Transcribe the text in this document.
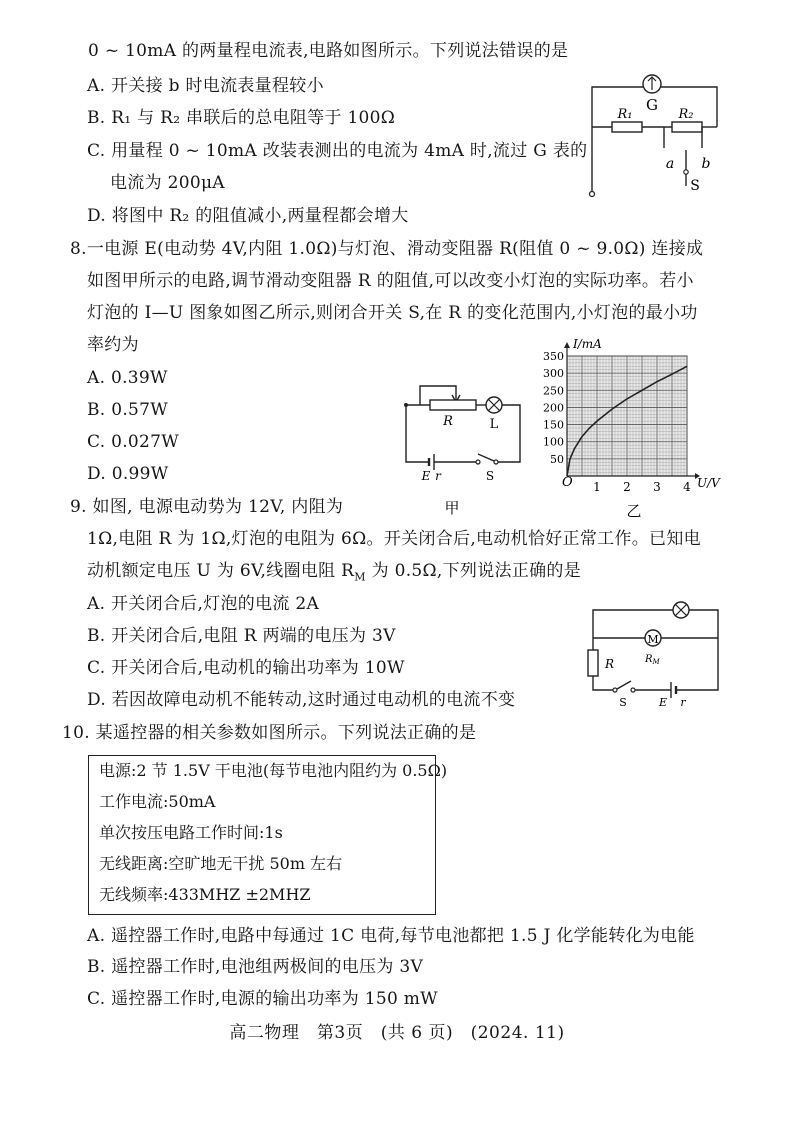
0 ~ 10mA 的两量程电流表,电路如图所示。下列说法错误的是
A. 开关接 b 时电流表量程较小
B. R₁ 与 R₂ 串联后的总电阻等于 100Ω
C. 用量程 0 ~ 10mA 改装表测出的电流为 4mA 时,流过 G 表的
电流为 200μA
D. 将图中 R₂ 的阻值减小,两量程都会增大
G
R₁	R₂
a b
S
8.一电源 E(电动势 4V,内阻 1.0Ω)与灯泡、滑动变阻器 R(阻值 0 ~ 9.0Ω) 连接成
如图甲所示的电路,调节滑动变阻器 R 的阻值,可以改变小灯泡的实际功率。若小
灯泡的 I—U 图象如图乙所示,则闭合开关 S,在 R 的变化范围内,小灯泡的最小功
率约为
A. 0.39W
B. 0.57W
C. 0.027W
D. 0.99W
R	L
S
E r
甲
1 2 3 4
50
100
150
200
250
300
350
I/mA
U/V
O
乙
9. 如图, 电源电动势为 12V, 内阻为
1Ω,电阻 R 为 1Ω,灯泡的电阻为 6Ω。开关闭合后,电动机恰好正常工作。已知电
动机额定电压 U 为 6V,线圈电阻 $R_M$ 为 0.5Ω,下列说法正确的是
A. 开关闭合后,灯泡的电流 2A
B. 开关闭合后,电阻 R 两端的电压为 3V
C. 开关闭合后,电动机的输出功率为 10W
D. 若因故障电动机不能转动,这时通过电动机的电流不变
M
$R_M$
R
S	E r
10. 某遥控器的相关参数如图所示。下列说法正确的是
电源:2 节 1.5V 干电池(每节电池内阻约为 0.5Ω)
工作电流:50mA
单次按压电路工作时间:1s
无线距离:空旷地无干扰 50m 左右
无线频率:433MHZ ±2MHZ
A. 遥控器工作时,电路中每通过 1C 电荷,每节电池都把 1.5 J 化学能转化为电能
B. 遥控器工作时,电池组两极间的电压为 3V
C. 遥控器工作时,电源的输出功率为 150 mW
高二物理　第3页　(共 6 页)　(2024. 11)
